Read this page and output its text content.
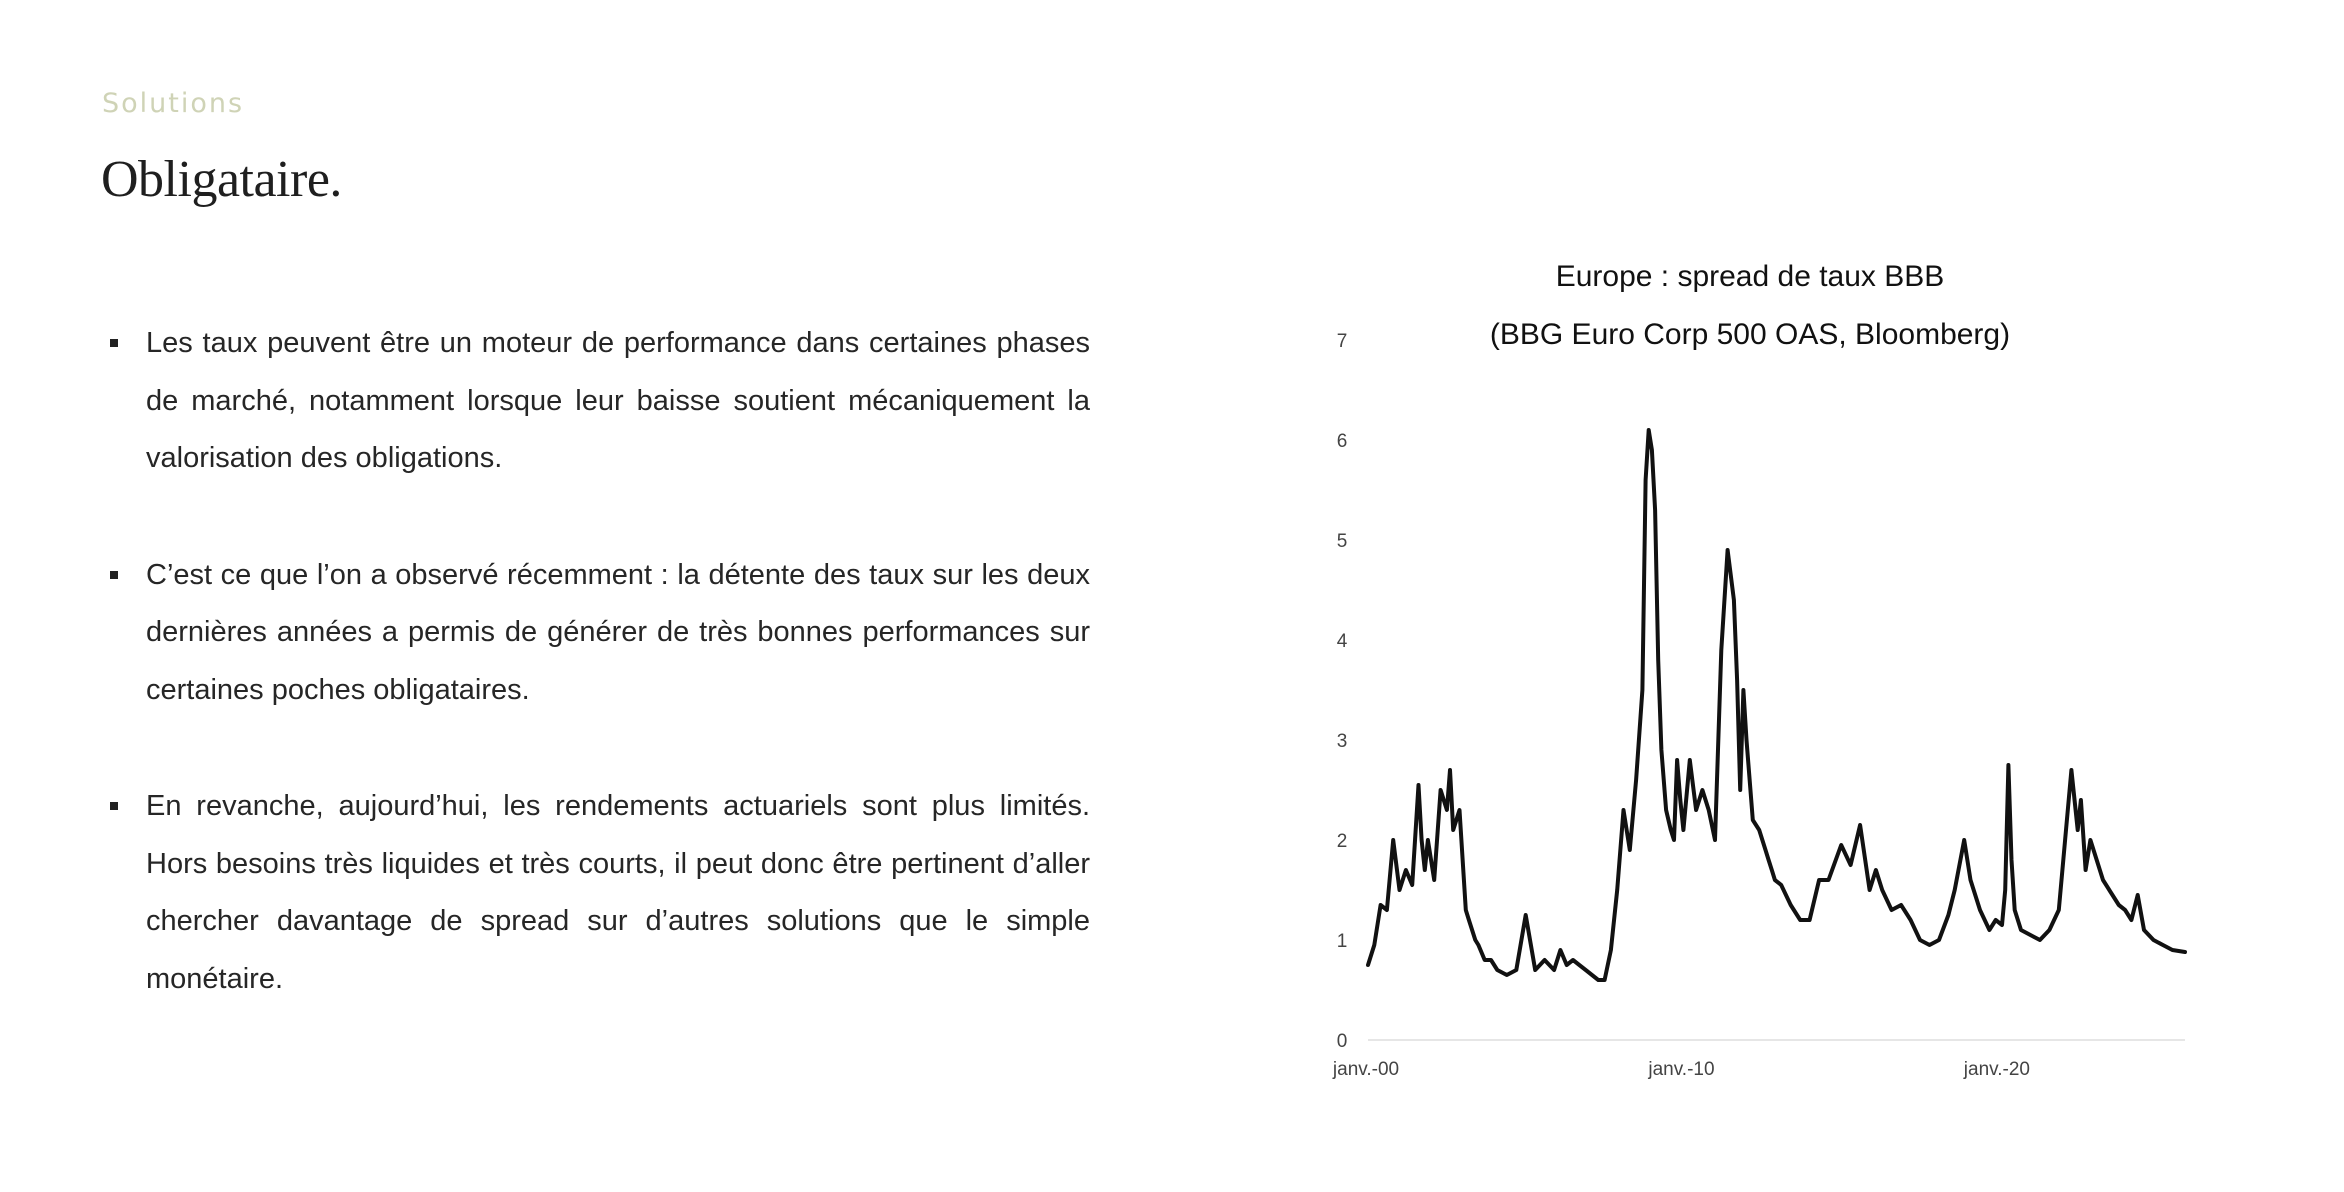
Solutions
Obligataire.
Les taux peuvent être un moteur de performance dans certaines phases de marché, notamment lorsque leur baisse soutient mécaniquement la valorisation des obligations.
C’est ce que l’on a observé récemment : la détente des taux sur les deux dernières années a permis de générer de très bonnes performances sur certaines poches obligataires.
En revanche, aujourd’hui, les rendements actuariels sont plus limités. Hors besoins très liquides et très courts, il peut donc être pertinent d’aller chercher davantage de spread sur d’autres solutions que le simple monétaire.
Europe : spread de taux BBB
(BBG Euro Corp 500 OAS, Bloomberg)
0
1
2
3
4
5
6
7
janv.-00	janv.-10	janv.-20
